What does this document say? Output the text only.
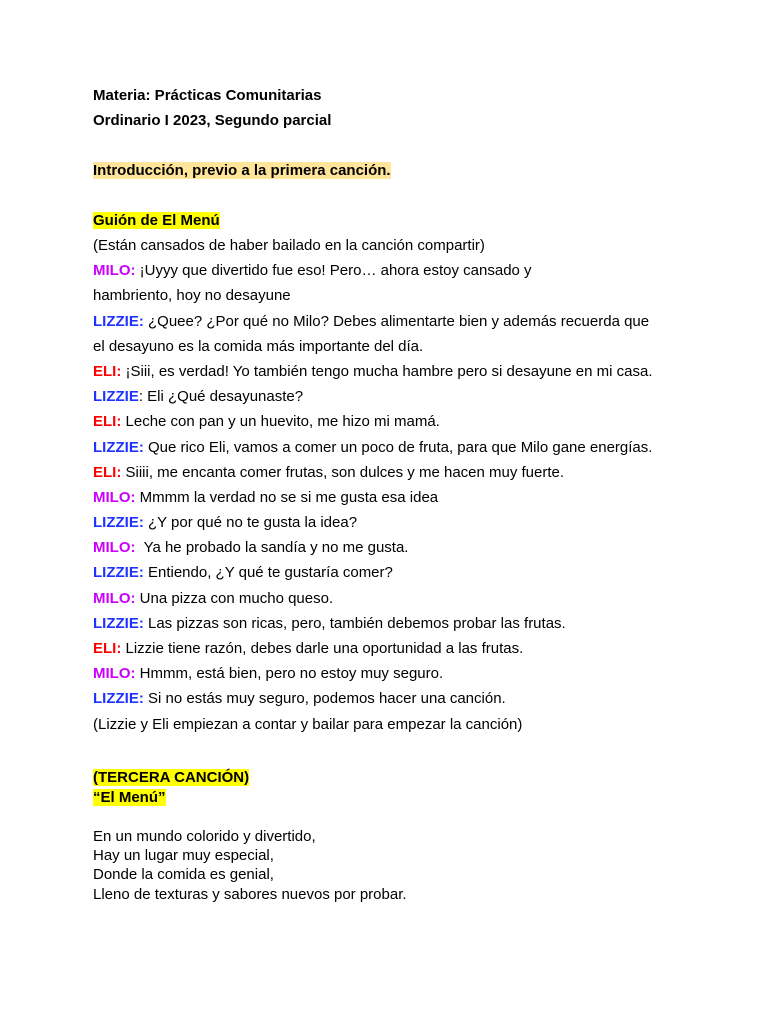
Materia: Prácticas Comunitarias
Ordinario I 2023, Segundo parcial
Introducción, previo a la primera canción.
Guión de El Menú
(Están cansados de haber bailado en la canción compartir)
MILO: ¡Uyyy que divertido fue eso! Pero… ahora estoy cansado y
hambriento, hoy no desayune
LIZZIE: ¿Quee? ¿Por qué no Milo? Debes alimentarte bien y además recuerda que
el desayuno es la comida más importante del día.
ELI: ¡Siii, es verdad! Yo también tengo mucha hambre pero si desayune en mi casa.
LIZZIE: Eli ¿Qué desayunaste?
ELI: Leche con pan y un huevito, me hizo mi mamá.
LIZZIE: Que rico Eli, vamos a comer un poco de fruta, para que Milo gane energías.
ELI: Siiii, me encanta comer frutas, son dulces y me hacen muy fuerte.
MILO: Mmmm la verdad no se si me gusta esa idea
LIZZIE: ¿Y por qué no te gusta la idea?
MILO:  Ya he probado la sandía y no me gusta.
LIZZIE: Entiendo, ¿Y qué te gustaría comer?
MILO: Una pizza con mucho queso.
LIZZIE: Las pizzas son ricas, pero, también debemos probar las frutas.
ELI: Lizzie tiene razón, debes darle una oportunidad a las frutas.
MILO: Hmmm, está bien, pero no estoy muy seguro.
LIZZIE: Si no estás muy seguro, podemos hacer una canción.
(Lizzie y Eli empiezan a contar y bailar para empezar la canción)
(TERCERA CANCIÓN)
“El Menú”
En un mundo colorido y divertido,
Hay un lugar muy especial,
Donde la comida es genial,
Lleno de texturas y sabores nuevos por probar.
